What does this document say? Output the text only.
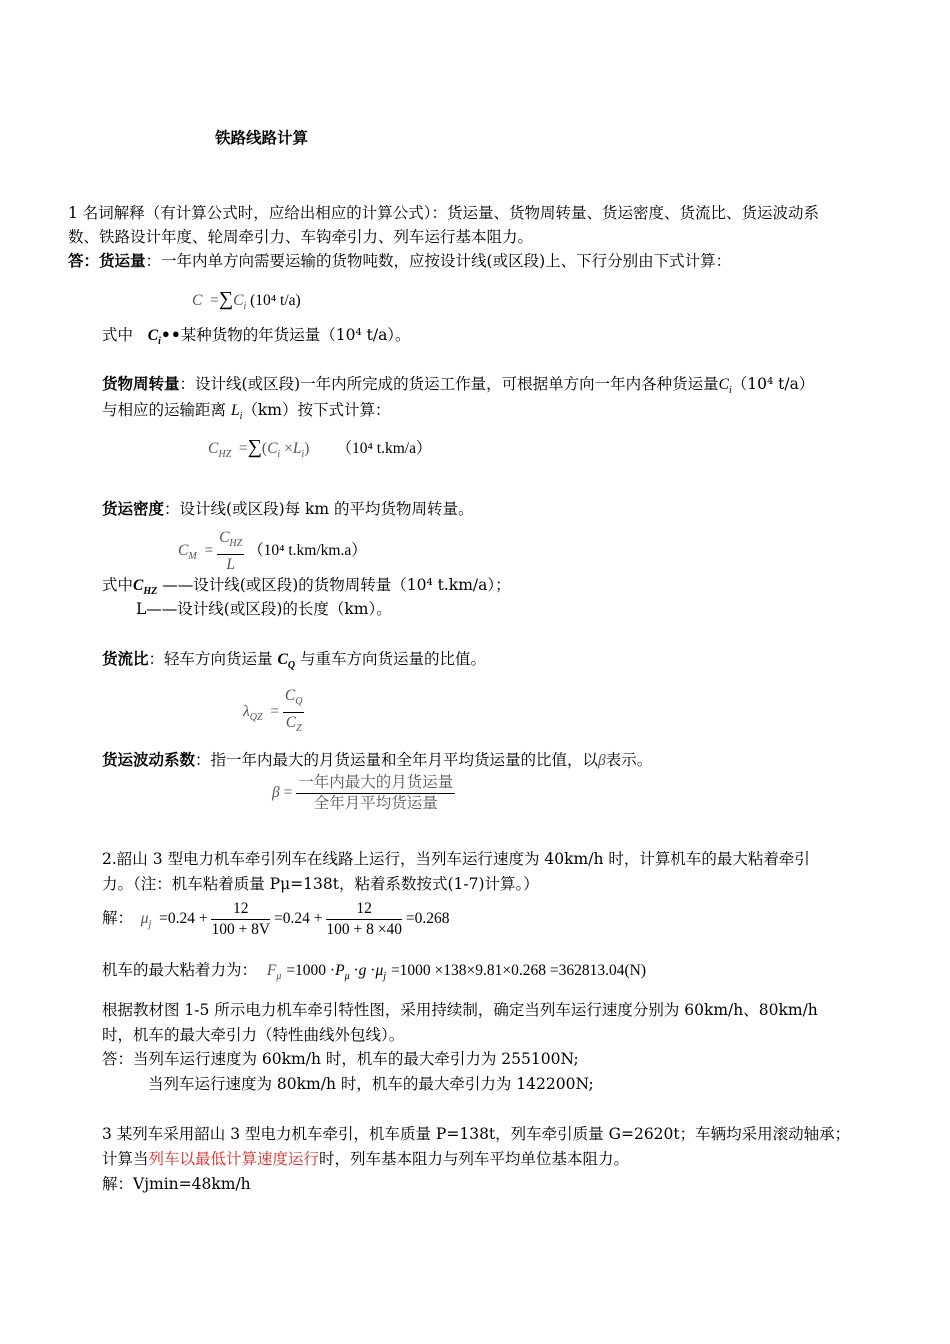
铁路线路计算
1 名词解释（有计算公式时，应给出相应的计算公式）：货运量、货物周转量、货运密度、货流比、货运波动系
数、铁路设计年度、轮周牵引力、车钩牵引力、列车运行基本阻力。
答：货运量：一年内单方向需要运输的货物吨数，应按设计线(或区段)上、下行分别由下式计算：
$C =\sum C_i$ (10⁴ t/a)
式中 $C_i••$某种货物的年货运量（10⁴ t/a）。
货物周转量：设计线(或区段)一年内所完成的货运工作量，可根据单方向一年内各种货运量$C_i(10^4$ t/a）
与相应的运输距离 $L_i(km)$按下式计算：
$C_{HZ} =\sum(C_i \times L_i)$ （10⁴ t.km/a）
货运密度：设计线(或区段)每 km 的平均货物周转量。
$C_M = \frac{C_{HZ}}{L} (10^4$ t.km/km.a）
式中$C_{HZ}$ ——设计线(或区段)的货物周转量（10⁴ t.km/a）；
L——设计线(或区段)的长度（km）。
货流比：轻车方向货运量 $C_Q$ 与重车方向货运量的比值。
$\lambda_{QZ} = \frac{C_Q}{C_Z}$
货运波动系数：指一年内最大的月货运量和全年月平均货运量的比值，以β表示。
$\beta = \frac{\text{一年内最大的月货运量}}{\text{全年月平均货运量}}$
2.韶山 3 型电力机车牵引列车在线路上运行，当列车运行速度为 40km/h 时，计算机车的最大粘着牵引
力。（注：机车粘着质量 Pμ=138t，粘着系数按式(1-7)计算。）
解： $\mu_j =0.24 + \frac{12}{100 + 8V} =0.24 + \frac{12}{100 + 8 \times 40} =0.268$
机车的最大粘着力为： $F_\mu =1000 \cdot P_\mu \cdot g \cdot\mu_j =1000 \times 138\times 9.81\times 0.268 =362813.04(N)$
根据教材图 1-5 所示电力机车牵引特性图，采用持续制，确定当列车运行速度分别为 60km/h、80km/h
时，机车的最大牵引力（特性曲线外包线）。
答：当列车运行速度为 60km/h 时，机车的最大牵引力为 255100N;
当列车运行速度为 80km/h 时，机车的最大牵引力为 142200N;
3 某列车采用韶山 3 型电力机车牵引，机车质量 P=138t，列车牵引质量 G=2620t；车辆均采用滚动轴承；
计算当列车以最低计算速度运行时，列车基本阻力与列车平均单位基本阻力。
解：Vjmin=48km/h
